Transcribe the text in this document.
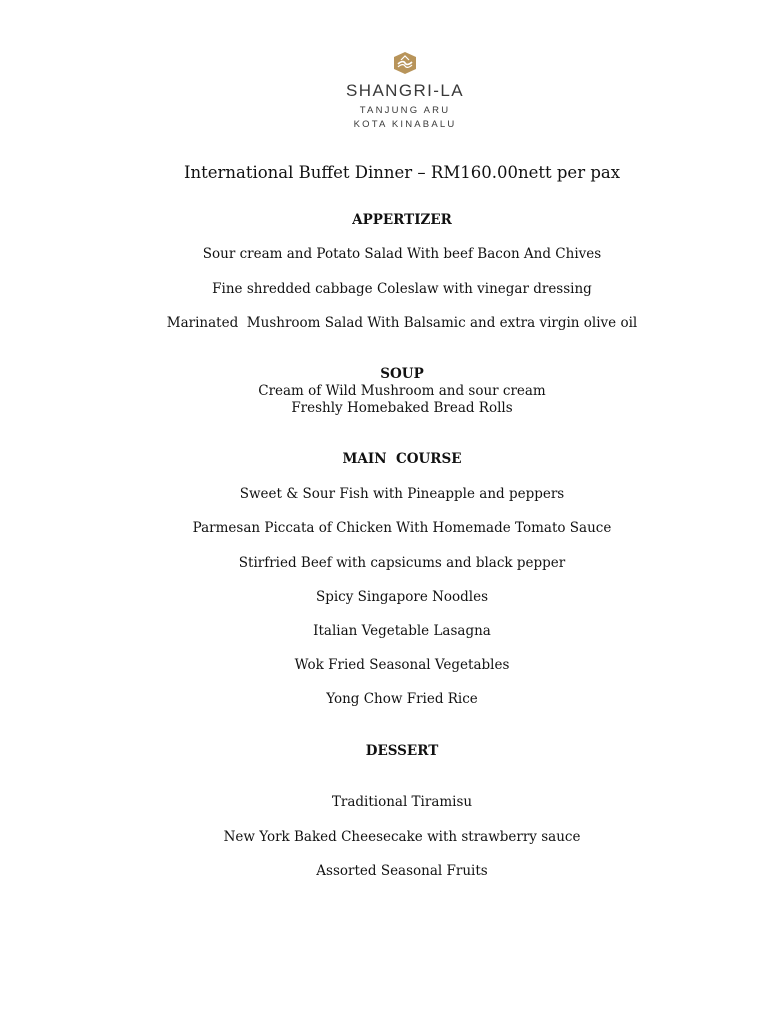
SHANGRI-LA
TANJUNG ARU
KOTA KINABALU
International Buffet Dinner – RM160.00nett per pax
APPERTIZER
Sour cream and Potato Salad With beef Bacon And Chives
Fine shredded cabbage Coleslaw with vinegar dressing
Marinated  Mushroom Salad With Balsamic and extra virgin olive oil
SOUP
Cream of Wild Mushroom and sour cream
Freshly Homebaked Bread Rolls
MAIN  COURSE
Sweet & Sour Fish with Pineapple and peppers
Parmesan Piccata of Chicken With Homemade Tomato Sauce
Stirfried Beef with capsicums and black pepper
Spicy Singapore Noodles
Italian Vegetable Lasagna
Wok Fried Seasonal Vegetables
Yong Chow Fried Rice
DESSERT
Traditional Tiramisu
New York Baked Cheesecake with strawberry sauce
Assorted Seasonal Fruits
